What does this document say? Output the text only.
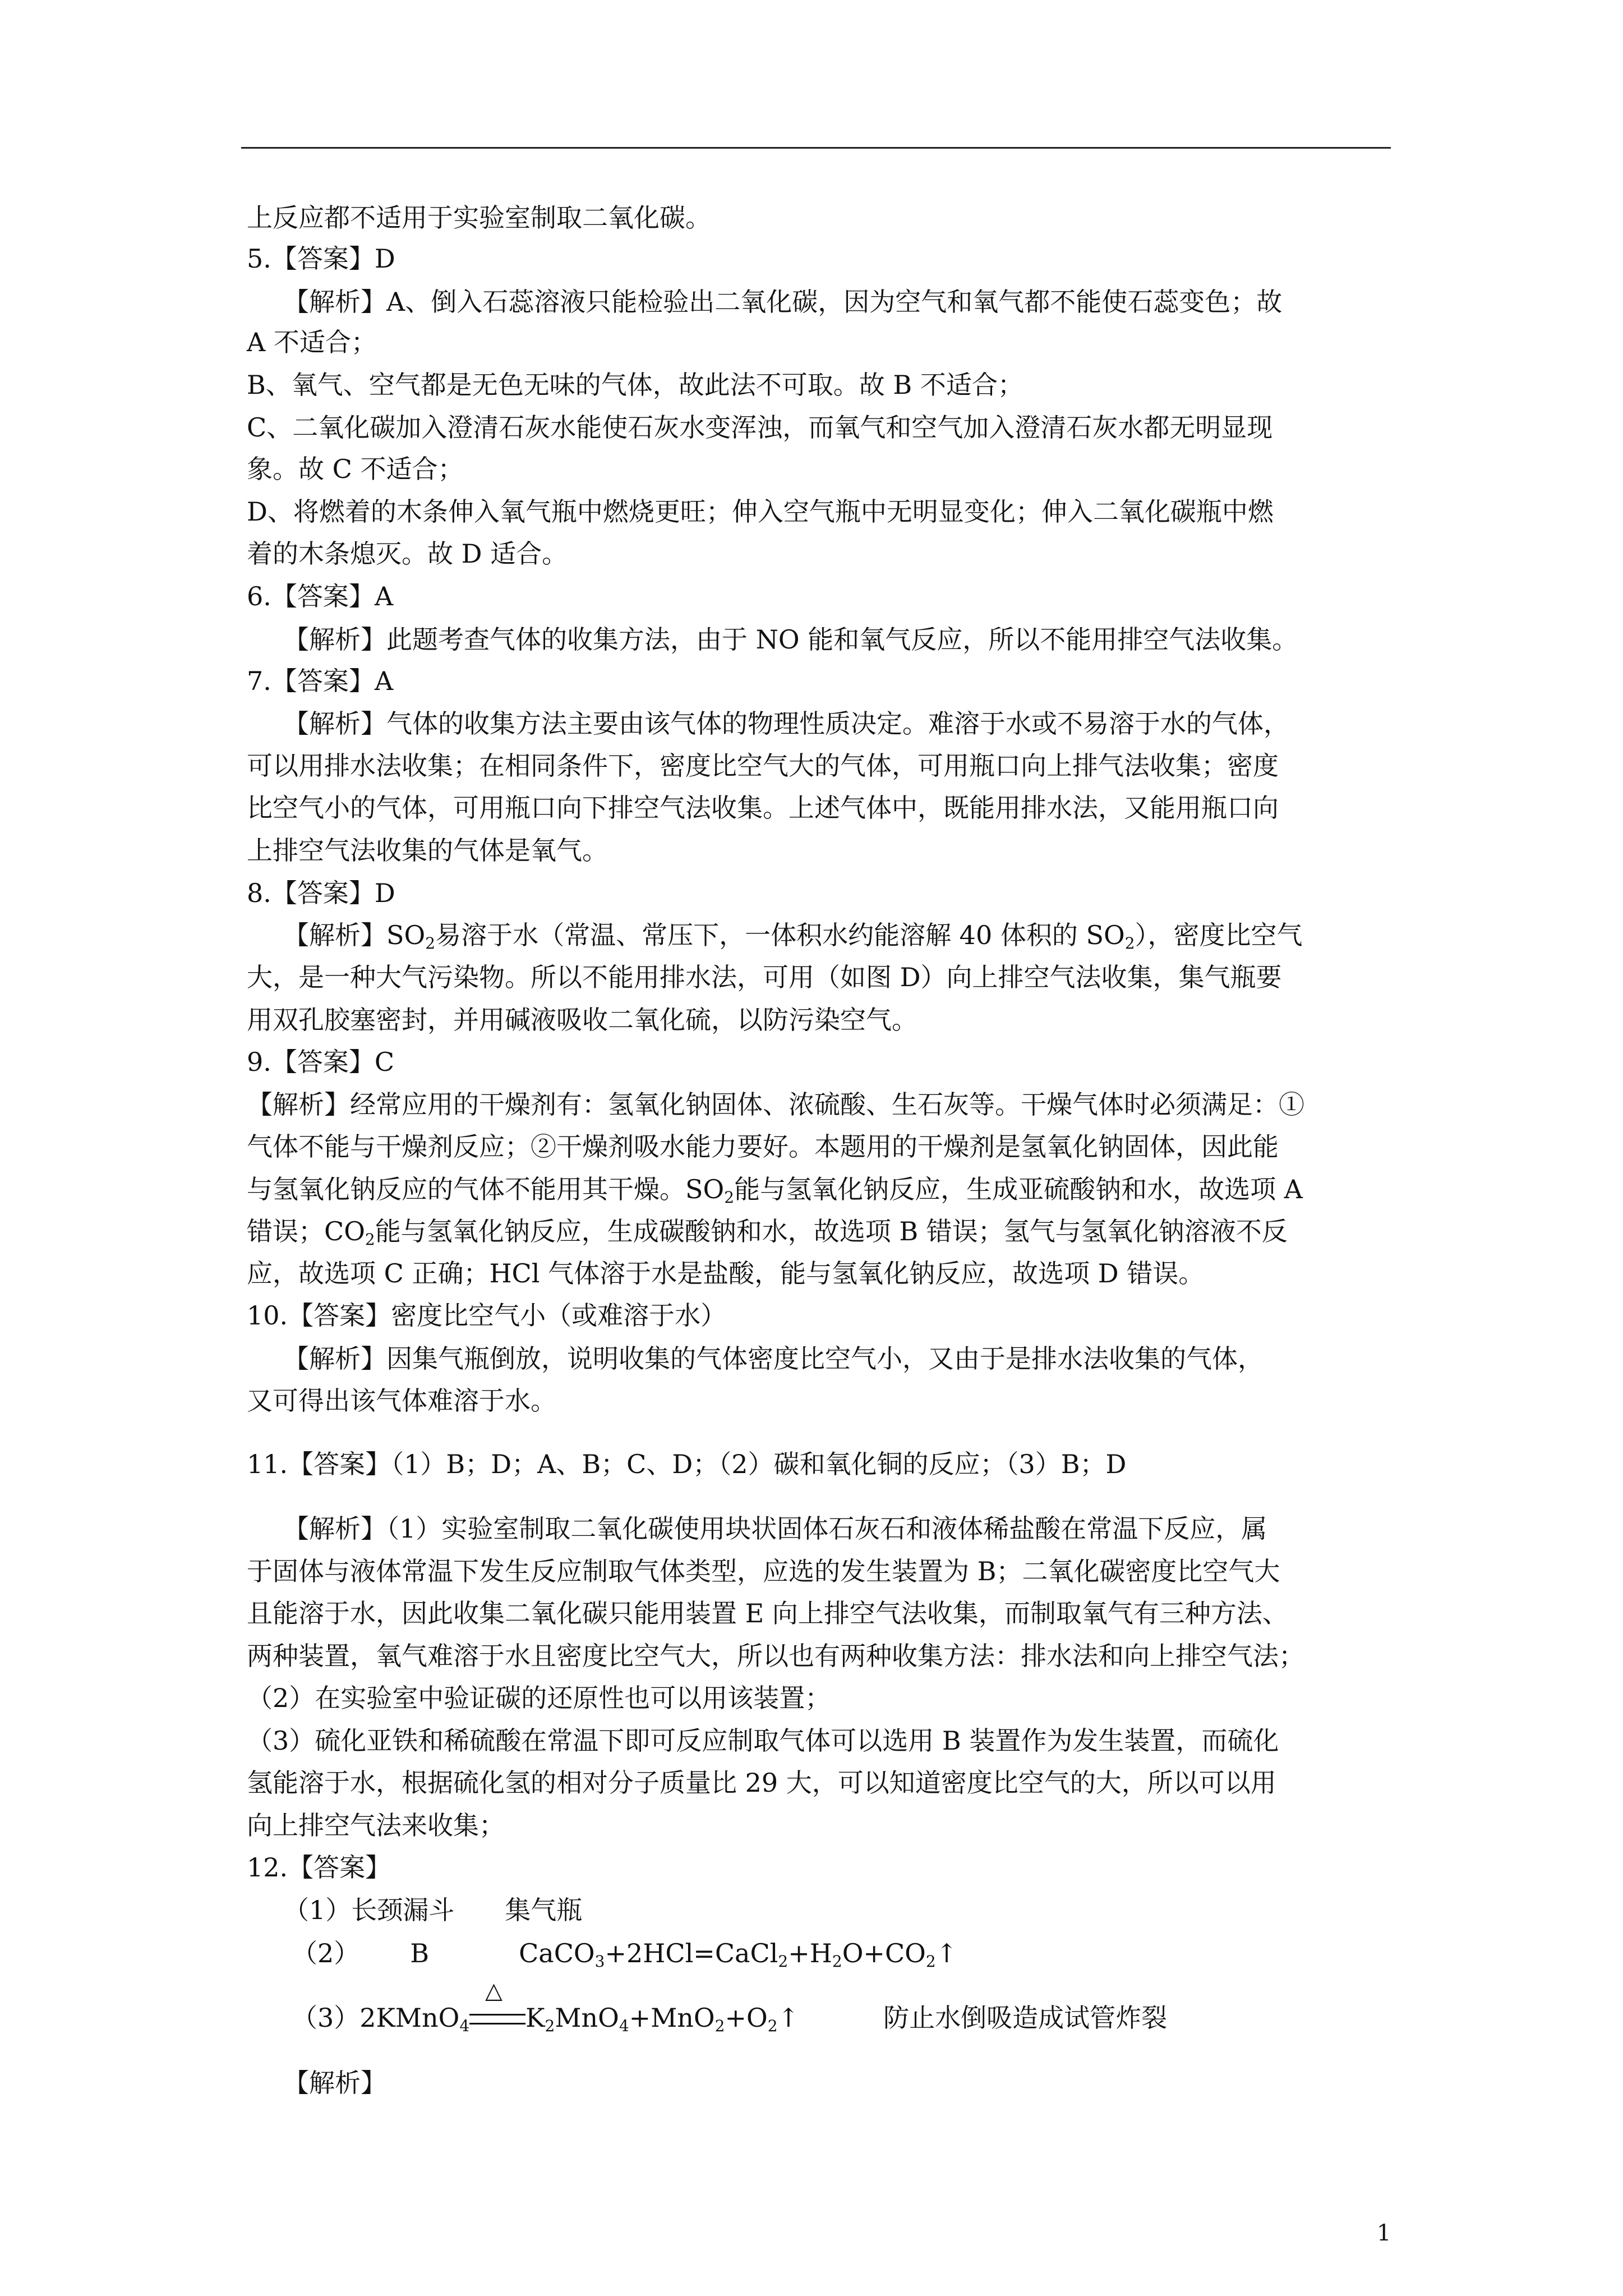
上反应都不适用于实验室制取二氧化碳。
5.【答案】D
【解析】A、倒入石蕊溶液只能检验出二氧化碳，因为空气和氧气都不能使石蕊变色；故
A 不适合；
B、氧气、空气都是无色无味的气体，故此法不可取。故 B 不适合；
C、二氧化碳加入澄清石灰水能使石灰水变浑浊，而氧气和空气加入澄清石灰水都无明显现
象。故 C 不适合；
D、将燃着的木条伸入氧气瓶中燃烧更旺；伸入空气瓶中无明显变化；伸入二氧化碳瓶中燃
着的木条熄灭。故 D 适合。
6.【答案】A
【解析】此题考查气体的收集方法，由于 NO 能和氧气反应，所以不能用排空气法收集。
7.【答案】A
【解析】气体的收集方法主要由该气体的物理性质决定。难溶于水或不易溶于水的气体，
可以用排水法收集；在相同条件下，密度比空气大的气体，可用瓶口向上排气法收集；密度
比空气小的气体，可用瓶口向下排空气法收集。上述气体中，既能用排水法，又能用瓶口向
上排空气法收集的气体是氧气。
8.【答案】D
【解析】$SO_2$易溶于水（常温、常压下，一体积水约能溶解 40 体积的 $SO_2$），密度比空气
大，是一种大气污染物。所以不能用排水法，可用（如图 D）向上排空气法收集，集气瓶要
用双孔胶塞密封，并用碱液吸收二氧化硫，以防污染空气。
9.【答案】C
【解析】经常应用的干燥剂有：氢氧化钠固体、浓硫酸、生石灰等。干燥气体时必须满足：①
气体不能与干燥剂反应；②干燥剂吸水能力要好。本题用的干燥剂是氢氧化钠固体，因此能
与氢氧化钠反应的气体不能用其干燥。$SO_2$能与氢氧化钠反应，生成亚硫酸钠和水，故选项 A
错误；$CO_2$能与氢氧化钠反应，生成碳酸钠和水，故选项 B 错误；氢气与氢氧化钠溶液不反
应，故选项 C 正确；HCl 气体溶于水是盐酸，能与氢氧化钠反应，故选项 D 错误。
10.【答案】密度比空气小（或难溶于水）
【解析】因集气瓶倒放，说明收集的气体密度比空气小，又由于是排水法收集的气体，
又可得出该气体难溶于水。
11.【答案】（1）B；D；A、B；C、D；（2）碳和氧化铜的反应；（3）B；D
【解析】（1）实验室制取二氧化碳使用块状固体石灰石和液体稀盐酸在常温下反应，属
于固体与液体常温下发生反应制取气体类型，应选的发生装置为 B；二氧化碳密度比空气大
且能溶于水，因此收集二氧化碳只能用装置 E 向上排空气法收集，而制取氧气有三种方法、
两种装置，氧气难溶于水且密度比空气大，所以也有两种收集方法：排水法和向上排空气法；
（2）在实验室中验证碳的还原性也可以用该装置；
（3）硫化亚铁和稀硫酸在常温下即可反应制取气体可以选用 B 装置作为发生装置，而硫化
氢能溶于水，根据硫化氢的相对分子质量比 29 大，可以知道密度比空气的大，所以可以用
向上排空气法来收集；
12.【答案】
（1）长颈漏斗 集气瓶
（2） B	$CaCO_3+2HCl=CaCl_2+H_2O+CO_2↑$
（3）2KMnO$_4$
△
$K_2MnO_4+MnO_2+O_2↑$	防止水倒吸造成试管炸裂
【解析】
1
